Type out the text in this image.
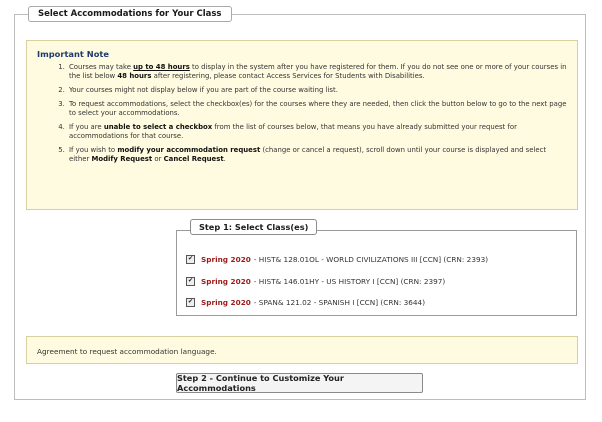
Select Accommodations for Your Class
Important Note
1. Courses may take up to 48 hours to display in the system after you have registered for them. If you do not see one or more of your courses in the list below 48 hours after registering, please contact Access Services for Students with Disabilities.
2. Your courses might not display below if you are part of the course waiting list.
3. To request accommodations, select the checkbox(es) for the courses where they are needed, then click the button below to go to the next page to select your accommodations.
4. If you are unable to select a checkbox from the list of courses below, that means you have already submitted your request for accommodations for that course.
5. If you wish to modify your accommodation request (change or cancel a request), scroll down until your course is displayed and select either Modify Request or Cancel Request.
Step 1: Select Class(es)
✔ Spring 2020 - HIST& 128.01OL - WORLD CIVILIZATIONS III [CCN] (CRN: 2393)
✔ Spring 2020 - HIST& 146.01HY - US HISTORY I [CCN] (CRN: 2397)
✔ Spring 2020 - SPAN& 121.02 - SPANISH I [CCN] (CRN: 3644)
Agreement to request accommodation language.
Step 2 - Continue to Customize Your Accommodations
